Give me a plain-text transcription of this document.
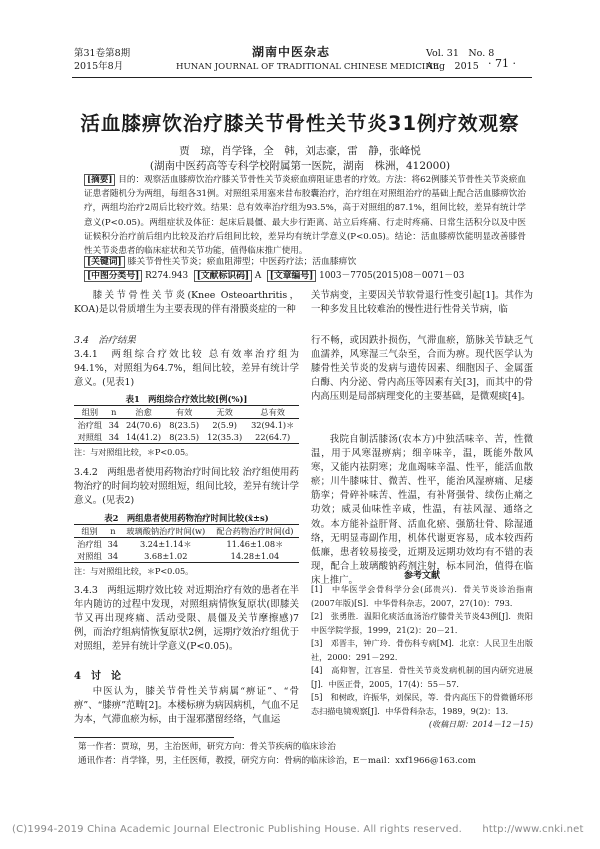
第31卷第8期
2015年8月
湖南中医杂志
HUNAN JOURNAL OF TRADITIONAL CHINESE MEDICINE
Vol. 31　No. 8
Aug　2015 · 71 ·
活血膝痹饮治疗膝关节骨性关节炎31例疗效观察
贾　琼，肖学锋，全　韩，刘志豪，雷　静，张峰悦
(湖南中医药高等专科学校附属第一医院，湖南　株洲，412000)
[摘要] 目的：观察活血膝痹饮治疗膝关节骨性关节炎瘀血痹阻证患者的疗效。方法：将62例膝关节骨性关节炎瘀血证患者随机分为两组，每组各31例。对照组采用塞来昔布胶囊治疗，治疗组在对照组治疗的基础上配合活血膝痹饮治疗，两组均治疗2周后比较疗效。结果：总有效率治疗组为93.5%，高于对照组的87.1%，组间比较，差异有统计学意义(P<0.05)。两组症状及体征：起床后晨僵、最大步行距离、站立后疼痛、行走时疼痛、日常生活积分以及中医证候积分治疗前后组内比较及治疗后组间比较，差异均有统计学意义(P<0.05)。结论：活血膝痹饮能明显改善膝骨性关节炎患者的临床症状和关节功能，值得临床推广使用。
[关键词] 膝关节骨性关节炎；瘀血阻滞型；中医药疗法；活血膝痹饮
[中图分类号] R274.943 [文献标识码] A [文章编号] 1003－7705(2015)08－0071－03
膝关节骨性关节炎(Knee Osteoarthritis，KOA)是以骨质增生为主要表现的伴有滑膜炎症的一种
关节病变，主要因关节软骨退行性变引起[1]。其作为一种多发且比较难治的慢性进行性骨关节病，临
3.4　治疗结果
3.4.1　两组综合疗效比较 总有效率治疗组为94.1%，对照组为64.7%，组间比较，差异有统计学意义。(见表1)
表1　两组综合疗效比较[例(%)]
组别	n	治愈	有效	无效	总有效
治疗组	34	24(70.6)	8(23.5)	2(5.9)	32(94.1)＊
对照组	34	14(41.2)	8(23.5)	12(35.3)	22(64.7)
注：与对照组比较，＊P<0.05。
3.4.2　两组患者使用药物治疗时间比较 治疗组使用药物治疗的时间均较对照组短，组间比较，差异有统计学意义。(见表2)
表2　两组患者使用药物治疗时间比较(x̄±s)
组别	n	玻璃酸钠治疗时间(w)	配合药物治疗时间(d)
治疗组	34	3.24±1.14＊	11.46±1.08＊
对照组	34	3.68±1.02	14.28±1.04
注：与对照组比较，＊P<0.05。
3.4.3　两组远期疗效比较 对近期治疗有效的患者在半年内随访的过程中发现，对照组病情恢复原状(即膝关节又再出现疼痛、活动受限、晨僵及关节摩擦感)7例，而治疗组病情恢复原状2例，远期疗效治疗组优于对照组，差异有统计学意义(P<0.05)。
4　讨　论
中医认为，膝关节骨性关节病属“痹证”、“骨痹”、“膝痹”范畴[2]。本楼标痹为病因病机，气血不足为本，气滞血瘀为标，由于湿邪潴留经络，气血运
行不畅，或因跌扑损伤，气滞血瘀，筋脉关节缺乏气血濡养，风寒湿三气杂至，合而为痹。现代医学认为膝骨性关节炎的发病与遗传因素、细胞因子、金属蛋白酶、内分泌、骨内高压等因素有关[3]，而其中的骨内高压则是局部病理变化的主要基础，是微观痰[4]。
我院自制活膝汤(农本方)中独活味辛、苦，性微温，用于风寒湿痹病；细辛味辛，温，既能外散风寒，又能内祛阴寒；龙血竭味辛温、性平，能活血散瘀；川牛膝味甘、微苦、性平，能治风湿痹痛、足痿筋挛；骨碎补味苦、性温，有补肾强骨、续伤止痛之功效；威灵仙味性辛咸，性温，有祛风湿、通络之效。本方能补益肝肾、活血化瘀、强筋壮骨、除湿通络，无明显毒副作用，机体代谢更容易，成本较西药低廉，患者较易接受，近期及远期功效均有不错的表现，配合上玻璃酸钠药剂注射，标本同治，值得在临床上推广。	参考文献
[1]　中华医学会骨科学分会(邱贵兴)．骨关节炎诊治指南(2007年版)[S]．中华骨科杂志，2007，27(10)：793．
[2]　张勇胜．温阳化痰活血汤治疗膝骨关节炎43例[J]．贵阳中医学院学报，1999，21(2)：20－21．
[3]　邓晋丰，钟广玲．骨伤科专病[M]．北京：人民卫生出版社，2000：291－292．
[4]　高仰智，江容星．骨性关节炎发病机制的国内研究进展[J]．中医正骨，2005，17(4)：55－57．
[5]　和树政，许振华，刘保民，等．骨内高压下的骨微循环形态扫描电镜观察[J]．中华骨科杂志，1989，9(2)：13．
(收稿日期：2014－12－15)
第一作者：贾琼，男，主治医师，研究方向：骨关节疾病的临床诊治
通讯作者：肖学锋，男，主任医师，教授，研究方向：骨病的临床诊治，E－mail：xxf1966@163.com
(C)1994-2019 China Academic Journal Electronic Publishing House. All rights reserved.　　http://www.cnki.net
